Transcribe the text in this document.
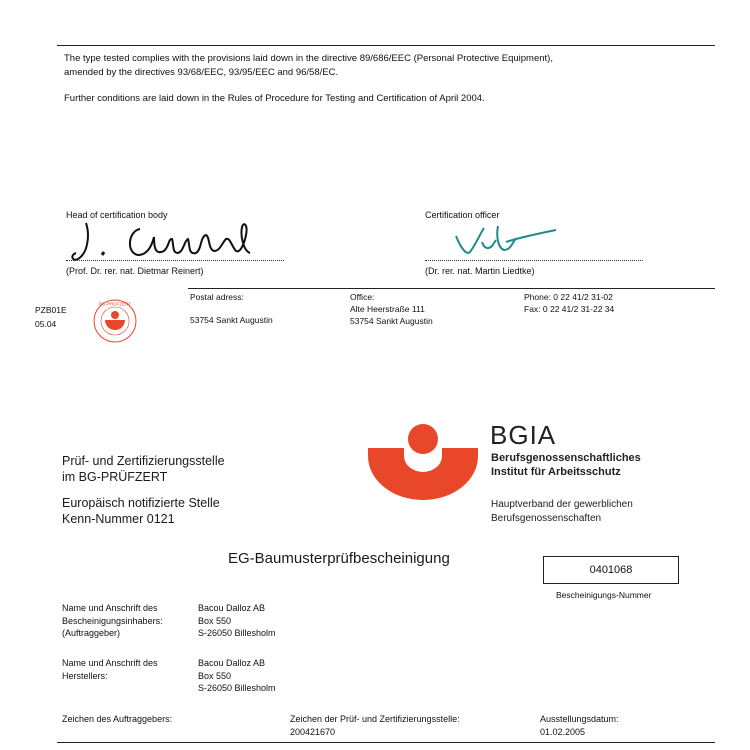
The type tested complies with the provisions laid down in the directive 89/686/EEC (Personal Protective Equipment),
amended by the directives 93/68/EEC, 93/95/EEC and 96/58/EC.
Further conditions are laid down in the Rules of Procedure for Testing and Certification of April 2004.
Head of certification body
(Prof. Dr. rer. nat. Dietmar Reinert)
Certification officer
(Dr. rer. nat. Martin Liedtke)
PZB01E
05.04
BG-PRÜFZERT
Postal adress:
53754 Sankt Augustin
Office:
Alte Heerstraße 111
53754 Sankt Augustin
Phone: 0 22 41/2 31-02
Fax: 0 22 41/2 31-22 34
Prüf- und Zertifizierungsstelle
im BG-PRÜFZERT
Europäisch notifizierte Stelle
Kenn-Nummer 0121
BGIA
Berufsgenossenschaftliches
Institut für Arbeitsschutz
Hauptverband der gewerblichen
Berufsgenossenschaften
EG-Baumusterprüfbescheinigung
0401068
Bescheinigungs-Nummer
Name und Anschrift des
Bescheinigungsinhabers:
(Auftraggeber)
Bacou Dalloz AB
Box 550
S-26050 Billesholm
Name und Anschrift des
Herstellers:
Bacou Dalloz AB
Box 550
S-26050 Billesholm
Zeichen des Auftraggebers:	Zeichen der Prüf- und Zertifizierungsstelle:
200421670
Ausstellungsdatum:
01.02.2005
